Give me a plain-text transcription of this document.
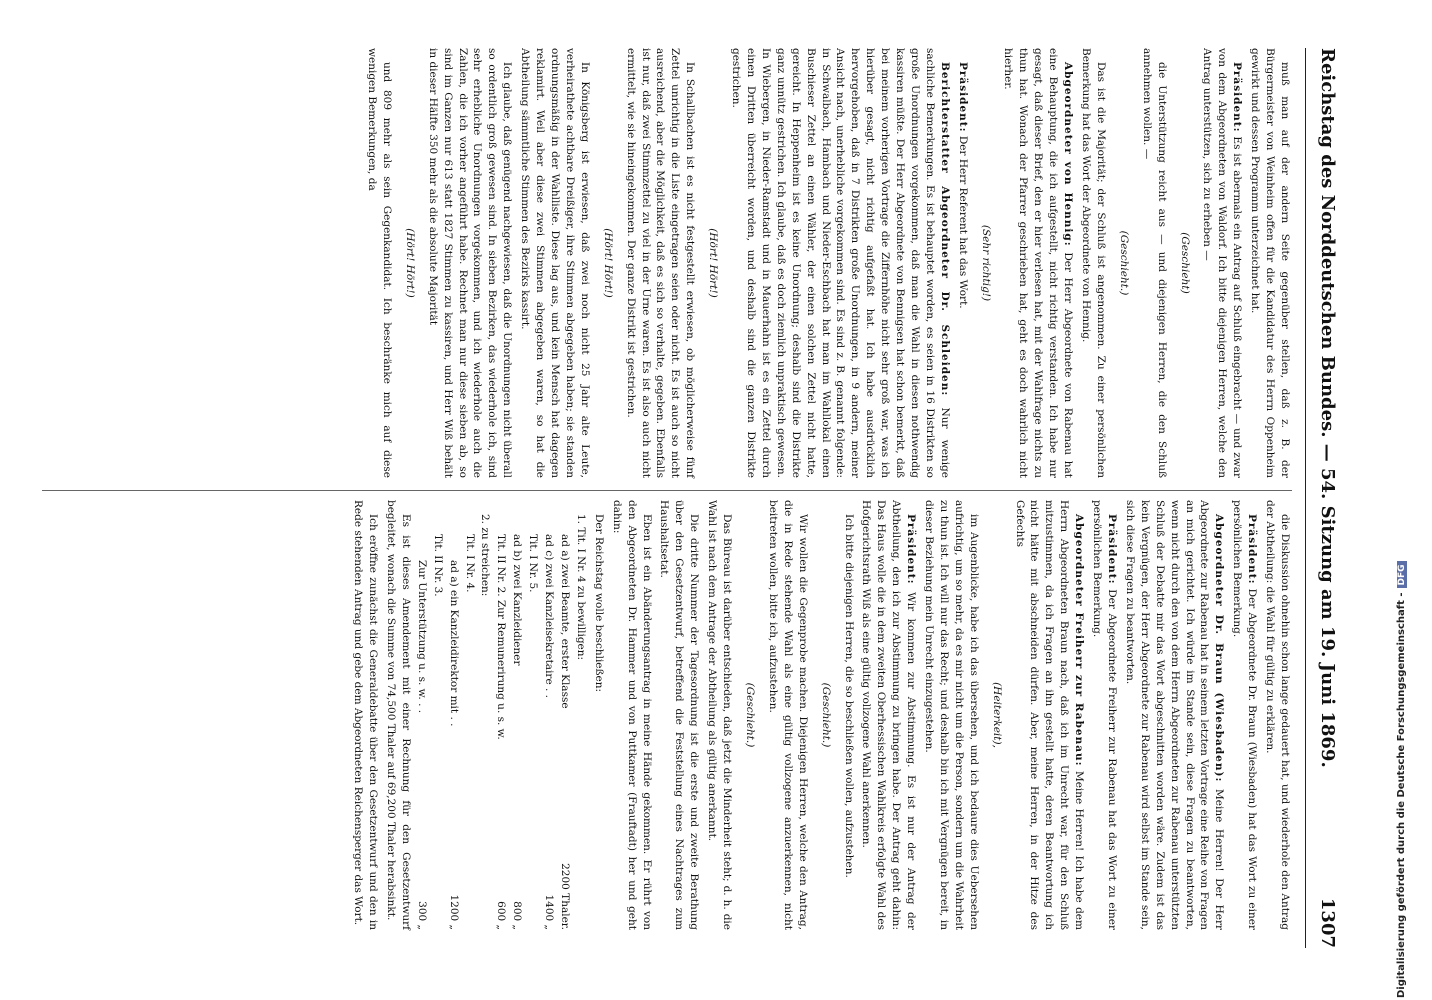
Reichstag des Norddeutschen Bundes. — 54. Sitzung am 19. Juni 1869.
1307

muß man auf der andern Seite gegenüber stellen, daß z. B. der Bürgermeister von Weinheim offen für die Kandidatur des Herrn Oppenheim gewirkt und dessen Programm unterzeichnet hat.

Präsident: Es ist abermals ein Antrag auf Schluß eingebracht — und zwar von dem Abgeordneten von Waldorf. Ich bitte diejenigen Herren, welche den Antrag unterstützen, sich zu erheben —

(Geschieht)

die Unterstützung reicht aus — und diejenigen Herren, die den Schluß annehmen wollen. —

(Geschieht.)

Das ist die Majorität; der Schluß ist angenommen. Zu einer persönlichen Bemerkung hat das Wort der Abgeordnete von Hennig.

Abgeordneter von Hennig: Der Herr Abgeordnete von Rabenau hat eine Behauptung, die ich aufgestellt, nicht richtig verstanden. Ich habe nur gesagt, daß dieser Brief, den er hier verlesen hat, mit der Wahlfrage nichts zu thun hat. Wonach der Pfarrer geschrieben hat, geht es doch wahrlich nicht hierher.

(Sehr richtig!)

Präsident: Der Herr Referent hat das Wort.

Berichterstatter Abgeordneter Dr. Schleiden: Nur wenige sachliche Bemerkungen. Es ist behauptet worden, es seien in 16 Distrikten so große Unordnungen vorgekommen, daß man die Wahl in diesen nothwendig kassiren müßte. Der Herr Abgeordnete von Bennigsen hat schon bemerkt, daß bei meinem vorherigen Vortrage die Ziffernhöhe nicht sehr groß war, was ich hierüber gesagt, nicht richtig aufgefaßt hat. Ich habe ausdrücklich hervorgehoben, daß in 7 Distrikten große Unordnungen, in 9 andern, meiner Ansicht nach, unerhebliche vorgekommen sind. Es sind z. B. genannt folgende: in Schwalbach, Hambach und Nieder-Eschbach hat man im Wahllokal einen Buschieser Zettel an einen Wähler, der einen solchen Zettel nicht hatte, gereicht. In Heppenheim ist es keine Unordnung; deshalb sind die Distrikte ganz unnütz gestrichen. Ich glaube, daß es doch ziemlich unpraktisch gewesen. In Wiebergen, in Nieder-Ramstadt und in Mauerhahn ist es ein Zettel durch einen Dritten überreicht worden, und deshalb sind die ganzen Distrikte gestrichen.

(Hört! Hört!)

In Schallbachen ist es nicht festgestellt erwiesen, ob möglicherweise fünf Zettel unrichtig in die Liste eingetragen seien oder nicht. Es ist auch so nicht ausreichend, aber die Möglichkeit, daß es sich so verhalte, gegeben. Ebenfalls ist nur, daß zwei Stimmzettel zu viel in der Urne waren. Es ist also auch nicht ermittelt, wie sie hineingekommen. Der ganze Distrikt ist gestrichen.

(Hört! Hört!)

In Königsberg ist erwiesen, daß zwei noch nicht 25 Jahr alte Leute, verheirathete achtbare Dreißiger, ihre Stimmen abgegeben haben; sie standen ordnungsmäßig in der Wahlliste. Diese lag aus, und kein Mensch hat dagegen reklamirt. Weil aber diese zwei Stimmen abgegeben waren, so hat die Abtheilung sämmtliche Stimmen des Bezirks kassirt.

Ich glaube, daß genügend nachgewiesen, daß die Unordnungen nicht überall so ordentlich groß gewesen sind. In sieben Bezirken, das wiederhole ich, sind sehr erhebliche Unordnungen vorgekommen, und ich wiederhole auch die Zahlen, die ich vorher angeführt habe. Rechnet man nur diese sieben ab, so sind im Ganzen nur 613 statt 1827 Stimmen zu kassiren, und Herr Wiß behält in dieser Hälfte 350 mehr als die absolute Majorität

(Hört! Hört!)

und 809 mehr als sein Gegenkandidat. Ich beschränke mich auf diese wenigen Bemerkungen, da

die Diskussion ohnehin schon lange gedauert hat, und wiederhole den Antrag der Abtheilung: die Wahl für gültig zu erklären.

Präsident: Der Abgeordnete Dr. Braun (Wiesbaden) hat das Wort zu einer persönlichen Bemerkung.

Abgeordneter Dr. Braun (Wiesbaden): Meine Herren! Der Herr Abgeordnete zur Rabenau hat in seinem letzten Vortrage eine Reihe von Fragen an mich gerichtet. Ich würde im Stande sein, diese Fragen zu beantworten, wenn nicht durch den von dem Herrn Abgeordneten zur Rabenau unterstützten Schluß der Debatte mir das Wort abgeschnitten worden wäre. Zudem ist das kein Vergnügen, der Herr Abgeordnete zur Rabenau wird selbst im Stande sein, sich diese Fragen zu beantworten.

Präsident: Der Abgeordnete Freiherr zur Rabenau hat das Wort zu einer persönlichen Bemerkung.

Abgeordneter Freiherr zur Rabenau: Meine Herren! Ich habe dem Herrn Abgeordneten Braun nach, daß ich im Unrecht war, für den Schluß mitzustimmen, da ich Fragen an ihn gestellt hatte, deren Beantwortung ich nicht hätte mit abschneiden dürfen. Aber, meine Herren, in der Hitze des Gefechts

(Heiterkeit),

im Augenblicke, habe ich das übersehen, und ich bedaure dies Uebersehen aufrichtig, um so mehr, da es mir nicht um die Person, sondern um die Wahrheit zu thun ist. Ich will nur das Recht; und deshalb bin ich mit Vergnügen bereit, in dieser Beziehung mein Unrecht einzugestehen.

Präsident: Wir kommen zur Abstimmung. Es ist nur der Antrag der Abtheilung, den ich zur Abstimmung zu bringen habe. Der Antrag geht dahin: Das Haus wolle die in dem zweiten Oberhessischen Wahlkreis erfolgte Wahl des Hofgerichtsrath Wiß als eine gültig vollzogene Wahl anerkennen.

Ich bitte diejenigen Herren, die so beschließen wollen, aufzustehen.

(Geschieht.)

Wir wollen die Gegenprobe machen. Diejenigen Herren, welche den Antrag, die in Rede stehende Wahl als eine gültig vollzogene anzuerkennen, nicht beitreten wollen, bitte ich, aufzustehen.

(Geschieht.)

Das Büreau ist darüber entschieden, daß jetzt die Minderheit steht; d. h. die Wahl ist nach dem Antrage der Abtheilung als gültig anerkannt.

Die dritte Nummer der Tagesordnung ist die erste und zweite Berathung über den Gesetzentwurf, betreffend die Feststellung eines Nachtrages zum Haushaltsetat.

Eben ist ein Abänderungsantrag in meine Hände gekommen. Er rührt von den Abgeordneten Dr. Hammer und von Puttkamer (Frauftadt) her und geht dahin:

Der Reichstag wolle beschließen:

1. Tit. I Nr. 4 zu bewilligen:
ad a) zwei Beamte, erster Klasse
2200 Thaler.
ad c) zwei Kanzleisekretaire . .
1400 „
Tit. I Nr. 5.
ad b) zwei Kanzleidiener
800 „
Tit. II Nr. 2. Zur Remunerirung u. s. w.
600 „
2. zu streichen:
Tit. I Nr. 4.
ad a) ein Kanzleidirektor mit . .
1200 „
Tit. II Nr. 3.
Zur Unterstützung u. s. w. . .
300 „

Es ist dieses Amendement mit einer Rechnung für den Gesetzentwurf begleitet, wonach die Summe von 74,500 Thaler auf 69,200 Thaler herabsinkt.

Ich eröffne zunächst die Generaldebatte über den Gesetzentwurf und den in Rede stehenden Antrag und gebe dem Abgeordneten Reichensperger das Wort.	Digitalisierung gefördert durch die Deutsche Forschungsgemeinschaft -DFG
